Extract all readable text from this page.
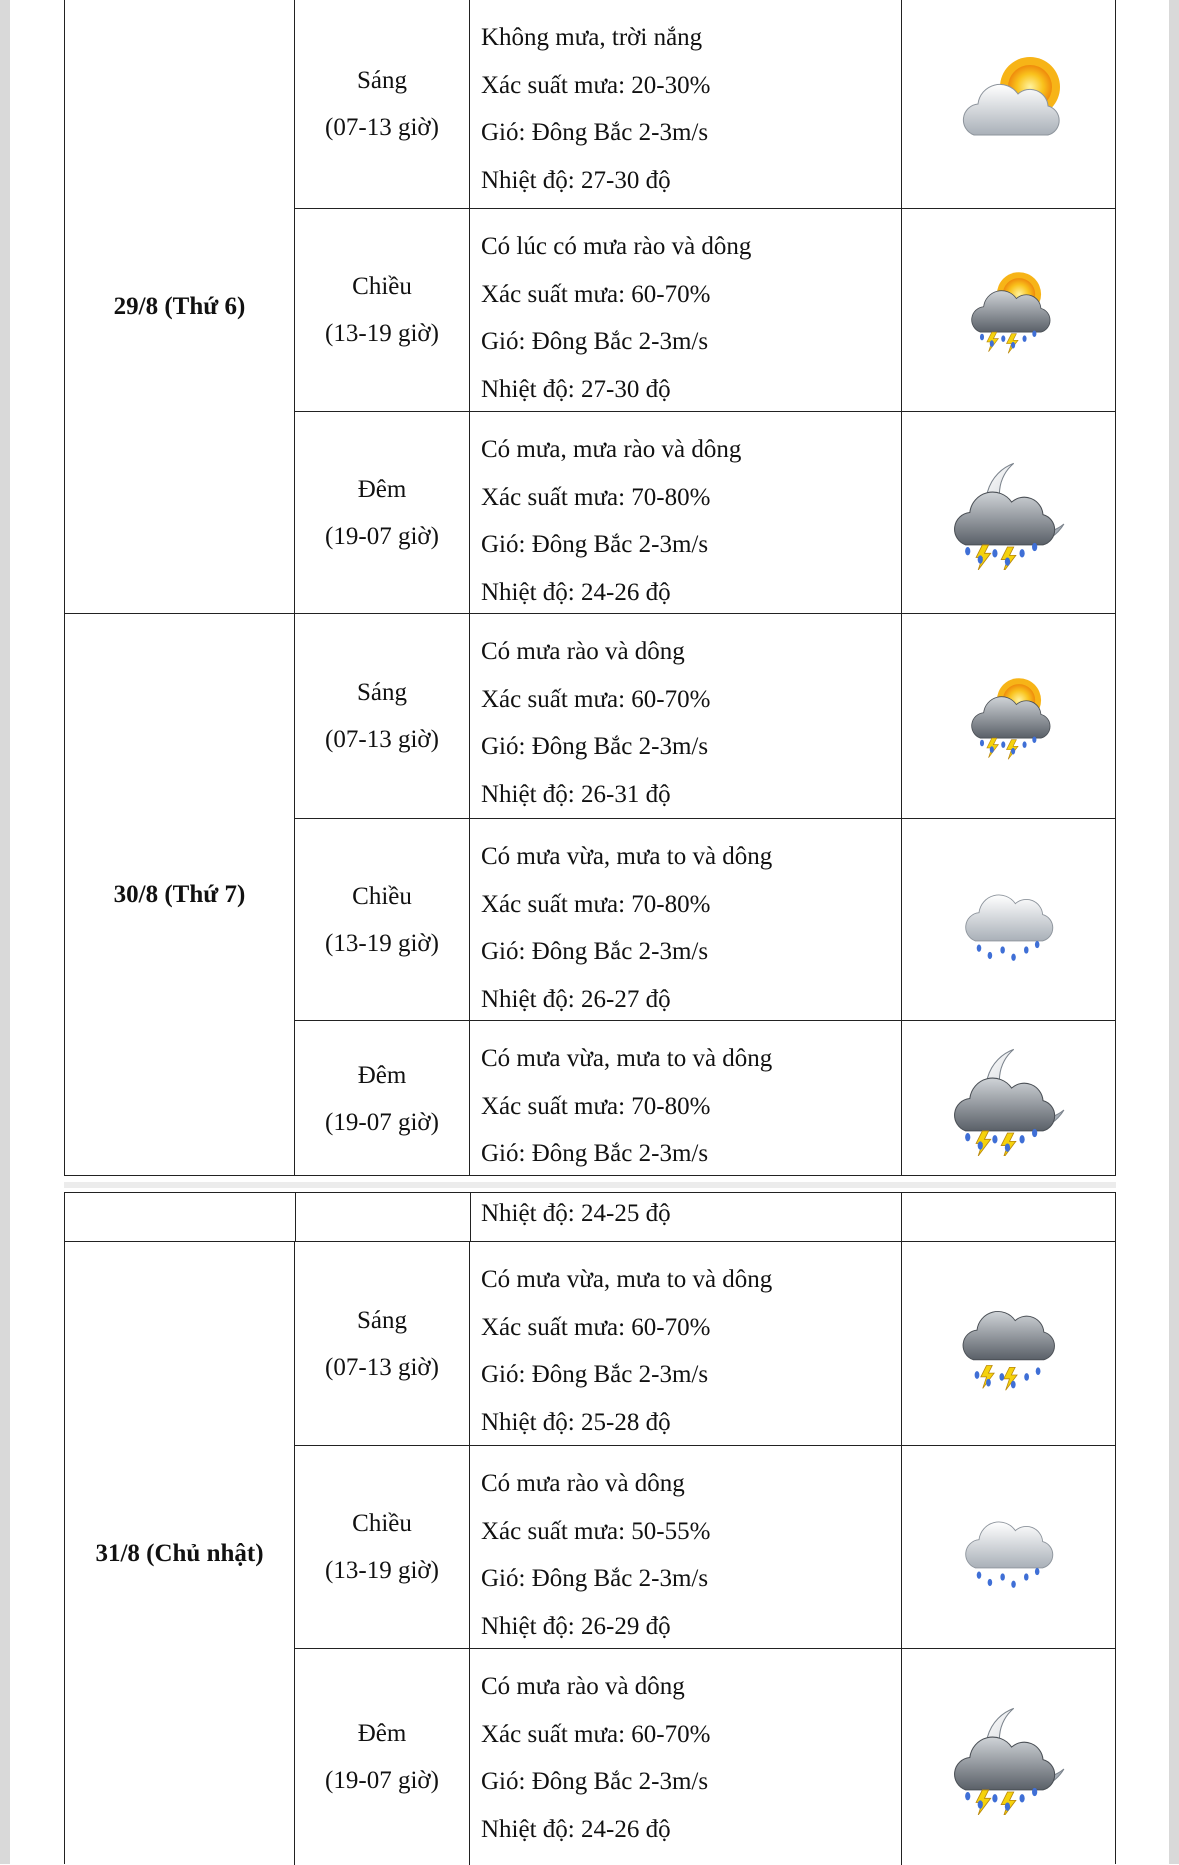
29/8 (Thứ 6)
Sáng
(07-13 giờ)
Không mưa, trời nắng
Xác suất mưa: 20-30%
Gió: Đông Bắc 2-3m/s
Nhiệt độ: 27-30 độ
Chiều
(13-19 giờ)
Có lúc có mưa rào và dông
Xác suất mưa: 60-70%
Gió: Đông Bắc 2-3m/s
Nhiệt độ: 27-30 độ
Đêm
(19-07 giờ)
Có mưa, mưa rào và dông
Xác suất mưa: 70-80%
Gió: Đông Bắc 2-3m/s
Nhiệt độ: 24-26 độ
30/8 (Thứ 7)
Sáng
(07-13 giờ)
Có mưa rào và dông
Xác suất mưa: 60-70%
Gió: Đông Bắc 2-3m/s
Nhiệt độ: 26-31 độ
Chiều
(13-19 giờ)
Có mưa vừa, mưa to và dông
Xác suất mưa: 70-80%
Gió: Đông Bắc 2-3m/s
Nhiệt độ: 26-27 độ
Đêm
(19-07 giờ)
Có mưa vừa, mưa to và dông
Xác suất mưa: 70-80%
Gió: Đông Bắc 2-3m/s
Nhiệt độ: 24-25 độ
31/8 (Chủ nhật)
Sáng
(07-13 giờ)
Có mưa vừa, mưa to và dông
Xác suất mưa: 60-70%
Gió: Đông Bắc 2-3m/s
Nhiệt độ: 25-28 độ
Chiều
(13-19 giờ)
Có mưa rào và dông
Xác suất mưa: 50-55%
Gió: Đông Bắc 2-3m/s
Nhiệt độ: 26-29 độ
Đêm
(19-07 giờ)
Có mưa rào và dông
Xác suất mưa: 60-70%
Gió: Đông Bắc 2-3m/s
Nhiệt độ: 24-26 độ
